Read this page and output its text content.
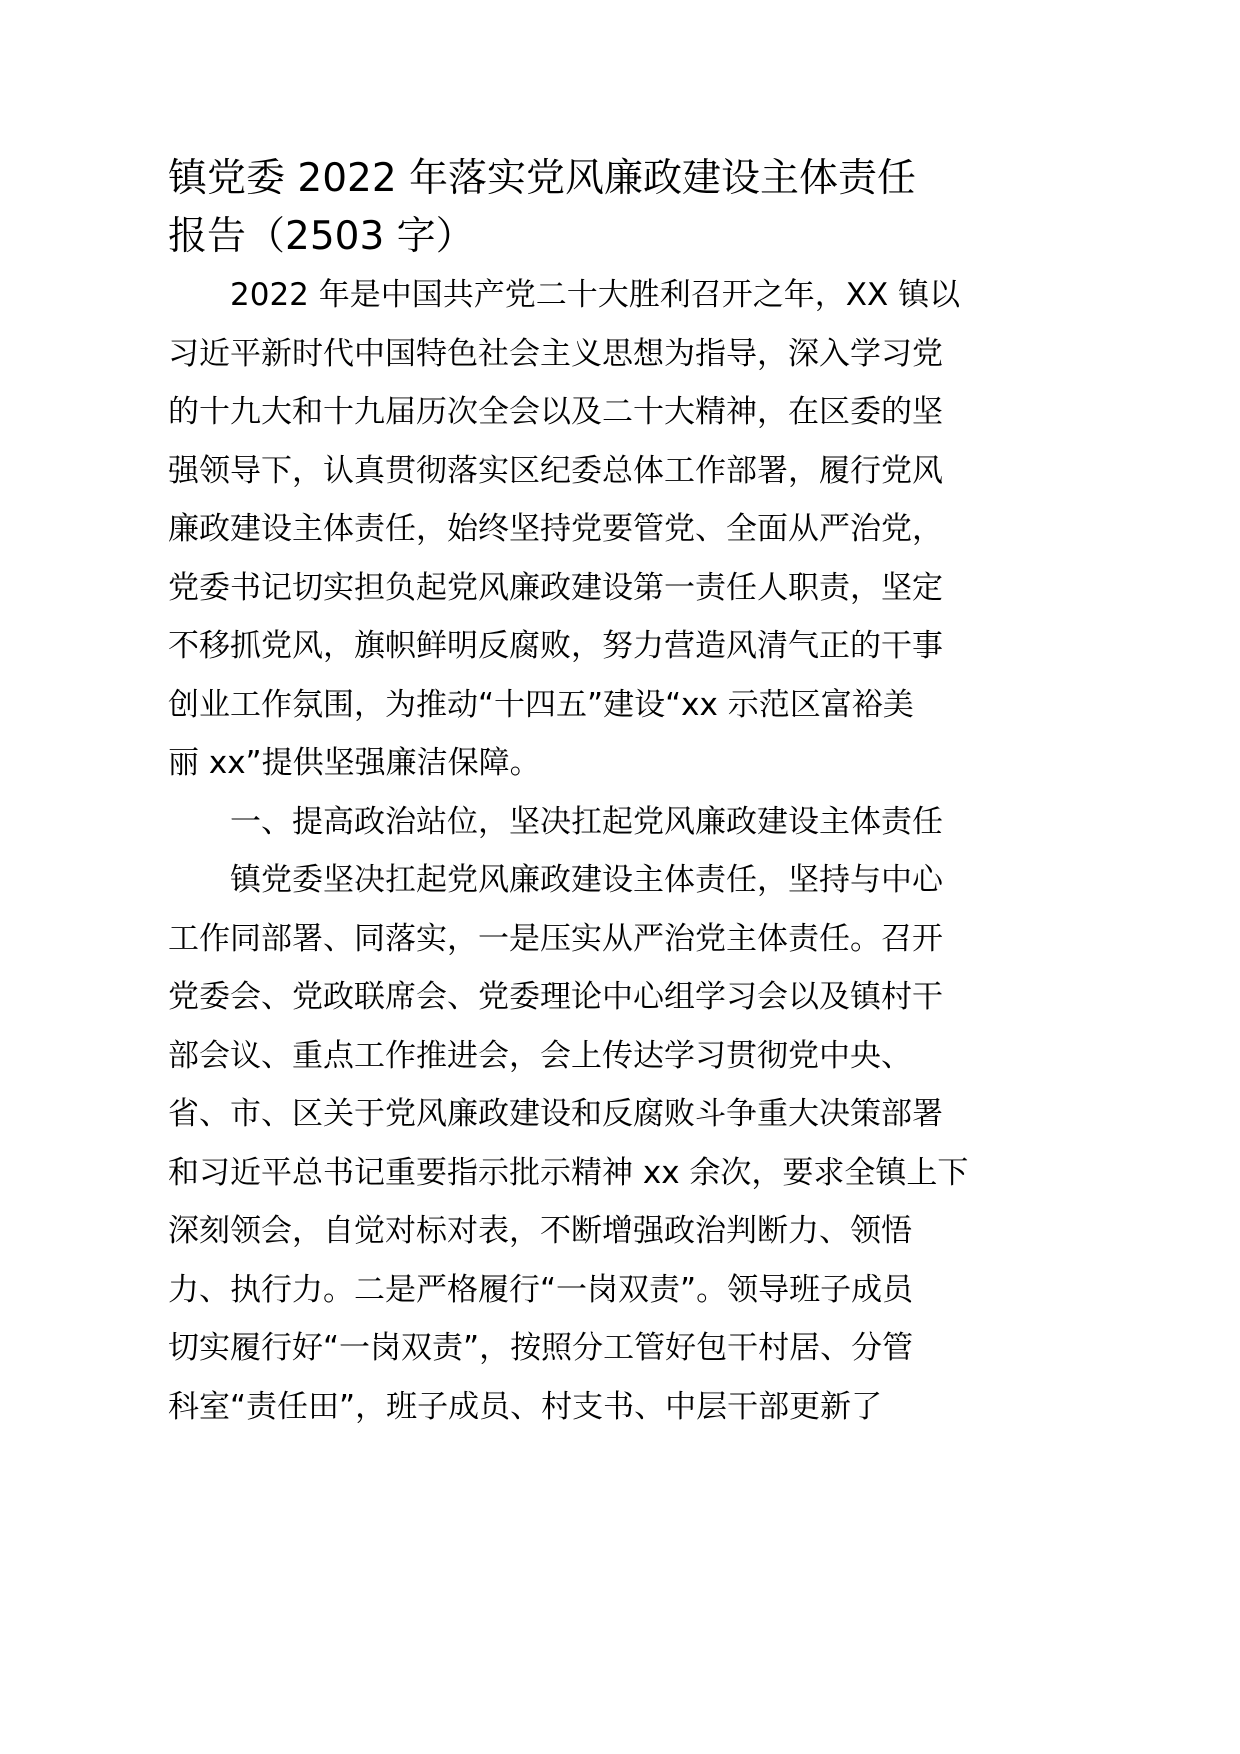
镇党委 2022 年落实党风廉政建设主体责任
报告（2503 字）

2022 年是中国共产党二十大胜利召开之年，XX 镇以
习近平新时代中国特色社会主义思想为指导，深入学习党
的十九大和十九届历次全会以及二十大精神，在区委的坚
强领导下，认真贯彻落实区纪委总体工作部署，履行党风
廉政建设主体责任，始终坚持党要管党、全面从严治党，
党委书记切实担负起党风廉政建设第一责任人职责，坚定
不移抓党风，旗帜鲜明反腐败，努力营造风清气正的干事
创业工作氛围，为推动“十四五”建设“xx 示范区富裕美
丽 xx”提供坚强廉洁保障。

一、提高政治站位，坚决扛起党风廉政建设主体责任

镇党委坚决扛起党风廉政建设主体责任，坚持与中心
工作同部署、同落实，一是压实从严治党主体责任。召开
党委会、党政联席会、党委理论中心组学习会以及镇村干
部会议、重点工作推进会，会上传达学习贯彻党中央、
省、市、区关于党风廉政建设和反腐败斗争重大决策部署
和习近平总书记重要指示批示精神 xx 余次，要求全镇上下
深刻领会，自觉对标对表，不断增强政治判断力、领悟
力、执行力。二是严格履行“一岗双责”。领导班子成员
切实履行好“一岗双责”，按照分工管好包干村居、分管
科室“责任田”，班子成员、村支书、中层干部更新了
